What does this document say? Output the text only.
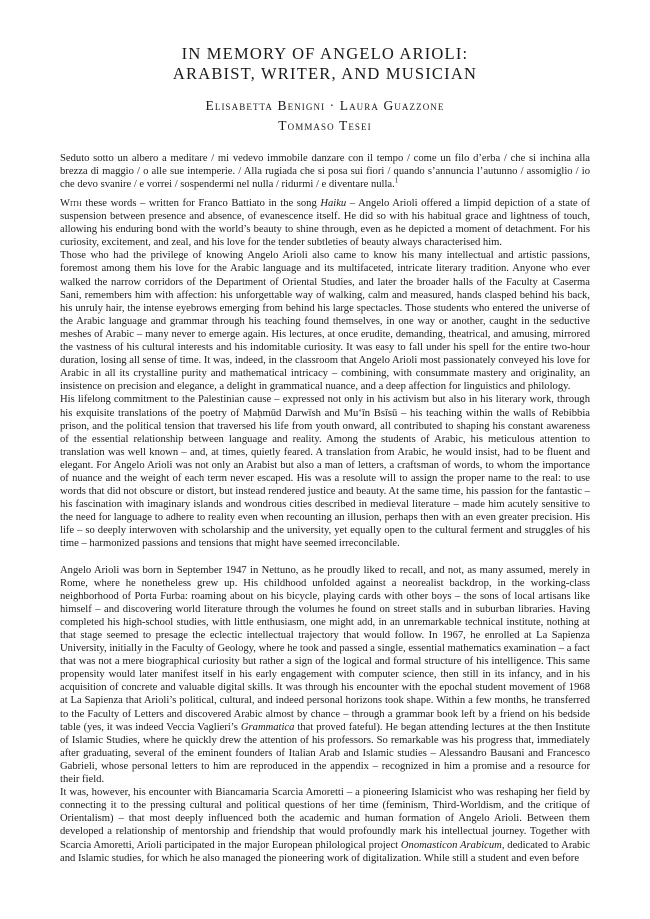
IN MEMORY OF ANGELO ARIOLI:
ARABIST, WRITER, AND MUSICIAN
Elisabetta Benigni · Laura Guazzone
Tommaso Tesei
Seduto sotto un albero a meditare / mi vedevo immobile danzare con il tempo / come un filo d’erba / che si inchina alla brezza di maggio / o alle sue intemperie. / Alla rugiada che si posa sui fiori / quando s’annuncia l’autunno / assomiglio / io che devo svanire / e vorrei / sospendermi nel nulla / ridurmi / e diventare nulla.$^1$

With these words – written for Franco Battiato in the song Haiku – Angelo Arioli offered a limpid depiction of a state of suspension between presence and absence, of evanescence itself. He did so with his habitual grace and lightness of touch, allowing his enduring bond with the world’s beauty to shine through, even as he depicted a moment of detachment. For his curiosity, excitement, and zeal, and his love for the tender subtleties of beauty always characterised him.

Those who had the privilege of knowing Angelo Arioli also came to know his many intellectual and artistic passions, foremost among them his love for the Arabic language and its multifaceted, intricate literary tradition. Anyone who ever walked the narrow corridors of the Department of Oriental Studies, and later the broader halls of the Faculty at Caserma Sani, remembers him with affection: his unforgettable way of walking, calm and measured, hands clasped behind his back, his unruly hair, the intense eyebrows emerging from behind his large spectacles. Those students who entered the universe of the Arabic language and grammar through his teaching found themselves, in one way or another, caught in the seductive meshes of Arabic – many never to emerge again. His lectures, at once erudite, demanding, theatrical, and amusing, mirrored the vastness of his cultural interests and his indomitable curiosity. It was easy to fall under his spell for the entire two-hour duration, losing all sense of time. It was, indeed, in the classroom that Angelo Arioli most passionately conveyed his love for Arabic in all its crystalline purity and mathematical intricacy – combining, with consummate mastery and originality, an insistence on precision and elegance, a delight in grammatical nuance, and a deep affection for linguistics and philology.

His lifelong commitment to the Palestinian cause – expressed not only in his activism but also in his literary work, through his exquisite translations of the poetry of Maḥmūd Darwīsh and Mu‘īn Bsīsū – his teaching within the walls of Rebibbia prison, and the political tension that traversed his life from youth onward, all contributed to shaping his constant awareness of the essential relationship between language and reality. Among the students of Arabic, his meticulous attention to translation was well known – and, at times, quietly feared. A translation from Arabic, he would insist, had to be fluent and elegant. For Angelo Arioli was not only an Arabist but also a man of letters, a craftsman of words, to whom the importance of nuance and the weight of each term never escaped. His was a resolute will to assign the proper name to the real: to use words that did not obscure or distort, but instead rendered justice and beauty. At the same time, his passion for the fantastic – his fascination with imaginary islands and wondrous cities described in medieval literature – made him acutely sensitive to the need for language to adhere to reality even when recounting an illusion, perhaps then with an even greater precision. His life – so deeply interwoven with scholarship and the university, yet equally open to the cultural ferment and struggles of his time – harmonized passions and tensions that might have seemed irreconcilable.

Angelo Arioli was born in September 1947 in Nettuno, as he proudly liked to recall, and not, as many assumed, merely in Rome, where he nonetheless grew up. His childhood unfolded against a neorealist backdrop, in the working-class neighborhood of Porta Furba: roaming about on his bicycle, playing cards with other boys – the sons of local artisans like himself – and discovering world literature through the volumes he found on street stalls and in suburban libraries. Having completed his high-school studies, with little enthusiasm, one might add, in an unremarkable technical institute, nothing at that stage seemed to presage the eclectic intellectual trajectory that would follow. In 1967, he enrolled at La Sapienza University, initially in the Faculty of Geology, where he took and passed a single, essential mathematics examination – a fact that was not a mere biographical curiosity but rather a sign of the logical and formal structure of his intelligence. This same propensity would later manifest itself in his early engagement with computer science, then still in its infancy, and in his acquisition of concrete and valuable digital skills. It was through his encounter with the epochal student movement of 1968 at La Sapienza that Arioli’s political, cultural, and indeed personal horizons took shape. Within a few months, he transferred to the Faculty of Letters and discovered Arabic almost by chance – through a grammar book left by a friend on his bedside table (yes, it was indeed Veccia Vaglieri’s Grammatica that proved fateful). He began attending lectures at the then Institute of Islamic Studies, where he quickly drew the attention of his professors. So remarkable was his progress that, immediately after graduating, several of the eminent founders of Italian Arab and Islamic studies – Alessandro Bausani and Francesco Gabrieli, whose personal letters to him are reproduced in the appendix – recognized in him a promise and a resource for their field.

It was, however, his encounter with Biancamaria Scarcia Amoretti – a pioneering Islamicist who was reshaping her field by connecting it to the pressing cultural and political questions of her time (feminism, Third-Worldism, and the critique of Orientalism) – that most deeply influenced both the academic and human formation of Angelo Arioli. Between them developed a relationship of mentorship and friendship that would profoundly mark his intellectual journey. Together with Scarcia Amoretti, Arioli participated in the major European philological project Onomasticon Arabicum, dedicated to Arabic and Islamic studies, for which he also managed the pioneering work of digitalization. While still a student and even before
